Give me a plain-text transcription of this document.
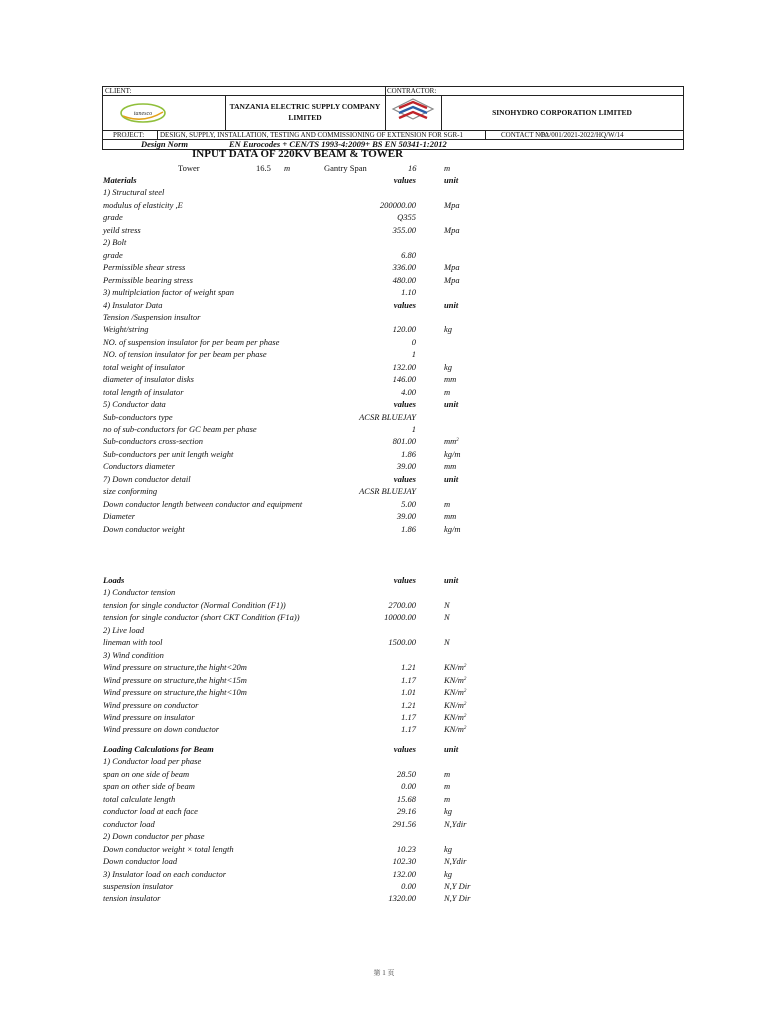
CLIENT:	CONTRACTOR:
tanesco
TANZANIA ELECTRIC SUPPLY COMPANY LIMITED
SINOHYDRO CORPORATION LIMITED
PROJECT: DESIGN, SUPPLY, INSTALLATION, TESTING AND COMMISSIONING OF EXTENSION FOR SGR-1	CONTACT NO.:
PA/001/2021-2022/HQ/W/14
Design Norm	EN Eurocodes + CEN/TS 1993-4:2009+ BS EN 50341-1:2012
INPUT DATA OF 220KV BEAM & TOWER
Tower	16.5 m	Gantry Span	16	m
Materials	values	unit
1) Structural steel
modulus of elasticity ,E	200000.00	Mpa
grade	Q355
yeild stress	355.00	Mpa
2) Bolt
grade	6.80
Permissible shear stress	336.00	Mpa
Permissible bearing stress	480.00	Mpa
3) multiplciation factor of weight span	1.10
4) Insulator Data	values	unit
Tension /Suspension insultor
Weight/string	120.00	kg
NO. of suspension insulator for per beam per phase	0
NO. of tension insulator for per beam per phase	1
total weight of insulator	132.00	kg
diameter of insulator disks	146.00	mm
total length of insulator	4.00	m
5) Conductor data	values	unit
Sub-conductors type	ACSR BLUEJAY
no of sub-conductors for GC beam per phase	1
Sub-conductors cross-section	801.00	$mm^2$
Sub-conductors per unit length weight	1.86	kg/m
Conductors diameter	39.00	mm
7) Down conductor detail	values	unit
size conforming	ACSR BLUEJAY
Down conductor length between conductor and equipment	5.00	m
Diameter	39.00	mm
Down conductor weight	1.86	kg/m
Loads	values	unit
1) Conductor tension
tension for single conductor (Normal Condition (F1))	2700.00	N
tension for single conductor (short CKT Condition (F1a))	10000.00	N
2) Live load
lineman with tool	1500.00	N
3) Wind condition
Wind pressure on structure,the hight<20m	1.21	$KN/m^2$
Wind pressure on structure,the hight<15m	1.17	$KN/m^2$
Wind pressure on structure,the hight<10m	1.01	$KN/m^2$
Wind pressure on conductor	1.21	$KN/m^2$
Wind pressure on insulator	1.17	$KN/m^2$
Wind pressure on down conductor	1.17	$KN/m^2$
Loading Calculations for Beam	values	unit
1) Conductor load per phase
span on one side of beam	28.50	m
span on other side of beam	0.00	m
total calculate length	15.68	m
conductor load at each face	29.16	kg
conductor load	291.56	N,Ydir
2) Down conductor per phase
Down conductor weight × total length	10.23	kg
Down conductor load	102.30	N,Ydir
3) Insulator load on each conductor	132.00	kg
suspension insulator	0.00	N,Y Dir
tension insulator	1320.00	N,Y Dir
第 1 页
